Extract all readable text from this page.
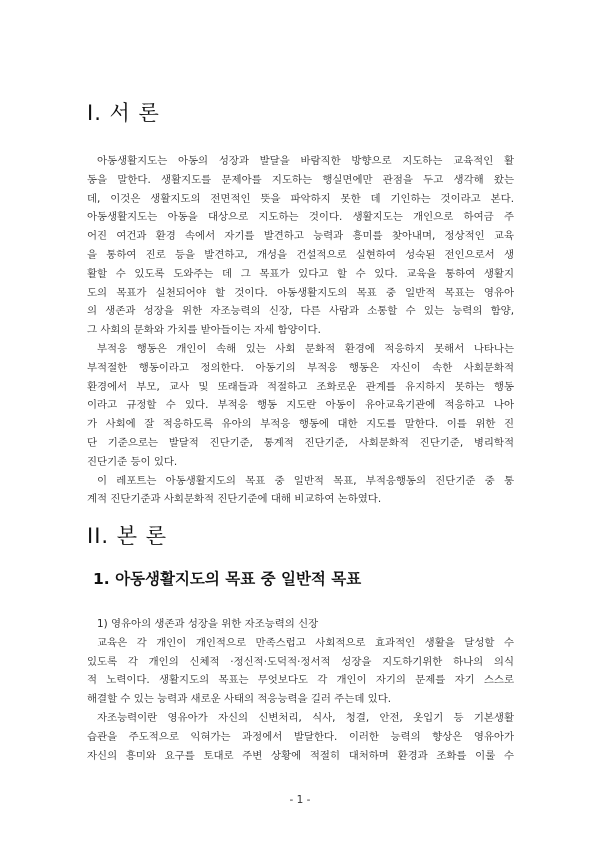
I. 서 론
아동생활지도는 아동의 성장과 발달을 바람직한 방향으로 지도하는 교육적인 활
동을 말한다. 생활지도를 문제아를 지도하는 행실면에만 관점을 두고 생각해 왔는
데, 이것은 생활지도의 전면적인 뜻을 파악하지 못한 데 기인하는 것이라고 본다.
아동생활지도는 아동을 대상으로 지도하는 것이다. 생활지도는 개인으로 하여금 주
어진 여건과 환경 속에서 자기를 발견하고 능력과 흥미를 찾아내며, 정상적인 교육
을 통하여 진로 등을 발견하고, 개성을 건설적으로 실현하여 성숙된 전인으로서 생
활할 수 있도록 도와주는 데 그 목표가 있다고 할 수 있다. 교육을 통하여 생활지
도의 목표가 실천되어야 할 것이다. 아동생활지도의 목표 중 일반적 목표는 영유아
의 생존과 성장을 위한 자조능력의 신장, 다른 사람과 소통할 수 있는 능력의 함양,
그 사회의 문화와 가치를 받아들이는 자세 함양이다.
부적응 행동은 개인이 속해 있는 사회 문화적 환경에 적응하지 못해서 나타나는
부적절한 행동이라고 정의한다. 아동기의 부적응 행동은 자신이 속한 사회문화적
환경에서 부모, 교사 및 또래들과 적절하고 조화로운 관계를 유지하지 못하는 행동
이라고 규정할 수 있다. 부적응 행동 지도란 아동이 유아교육기관에 적응하고 나아
가 사회에 잘 적응하도록 유아의 부적응 행동에 대한 지도를 말한다. 이를 위한 진
단 기준으로는 발달적 진단기준, 통계적 진단기준, 사회문화적 진단기준, 병리학적
진단기준 등이 있다.
이 레포트는 아동생활지도의 목표 중 일반적 목표, 부적응행동의 진단기준 중 통
계적 진단기준과 사회문화적 진단기준에 대해 비교하여 논하였다.
II. 본 론
1. 아동생활지도의 목표 중 일반적 목표
1) 영유아의 생존과 성장을 위한 자조능력의 신장
교육은 각 개인이 개인적으로 만족스럽고 사회적으로 효과적인 생활을 달성할 수
있도록 각 개인의 신체적 ·정신적·도덕적·정서적 성장을 지도하기위한 하나의 의식
적 노력이다. 생활지도의 목표는 무엇보다도 각 개인이 자기의 문제를 자기 스스로
해결할 수 있는 능력과 새로운 사태의 적응능력을 길러 주는데 있다.
자조능력이란 영유아가 자신의 신변처리, 식사, 청결, 안전, 옷입기 등 기본생활
습관을 주도적으로 익혀가는 과정에서 발달한다. 이러한 능력의 향상은 영유아가
자신의 흥미와 요구를 토대로 주변 상황에 적절히 대처하며 환경과 조화를 이룰 수
- 1 -
